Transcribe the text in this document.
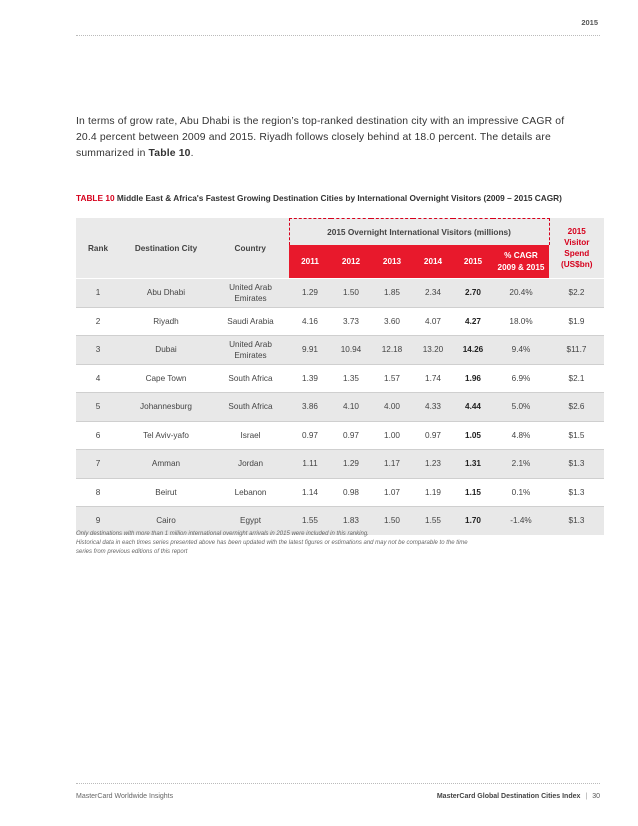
2015
In terms of grow rate, Abu Dhabi is the region’s top-ranked destination city with an impressive CAGR of 20.4 percent between 2009 and 2015. Riyadh follows closely behind at 18.0 percent. The details are summarized in Table 10.
TABLE 10 Middle East & Africa's Fastest Growing Destination Cities by International Overnight Visitors (2009 – 2015 CAGR)
Rank	Destination City	Country	2015 Overnight International Visitors (millions)						2015
Visitor
Spend
(US$bn)
			2011	2012	2013	2014	2015	% CAGR
2009 & 2015	
1	Abu Dhabi	United Arab Emirates	1.29	1.50	1.85	2.34	2.70	20.4%	$2.2
2	Riyadh	Saudi Arabia	4.16	3.73	3.60	4.07	4.27	18.0%	$1.9
3	Dubai	United Arab Emirates	9.91	10.94	12.18	13.20	14.26	9.4%	$11.7
4	Cape Town	South Africa	1.39	1.35	1.57	1.74	1.96	6.9%	$2.1
5	Johannesburg	South Africa	3.86	4.10	4.00	4.33	4.44	5.0%	$2.6
6	Tel Aviv-yafo	Israel	0.97	0.97	1.00	0.97	1.05	4.8%	$1.5
7	Amman	Jordan	1.11	1.29	1.17	1.23	1.31	2.1%	$1.3
8	Beirut	Lebanon	1.14	0.98	1.07	1.19	1.15	0.1%	$1.3
9	Cairo	Egypt	1.55	1.83	1.50	1.55	1.70	-1.4%	$1.3
Only destinations with more than 1 million international overnight arrivals in 2015 were included in this ranking.
Historical data in each times series presented above has been updated with the latest figures or estimations and may not be comparable to the time
series from previous editions of this report
MasterCard Worldwide Insights	MasterCard Global Destination Cities Index | 30
